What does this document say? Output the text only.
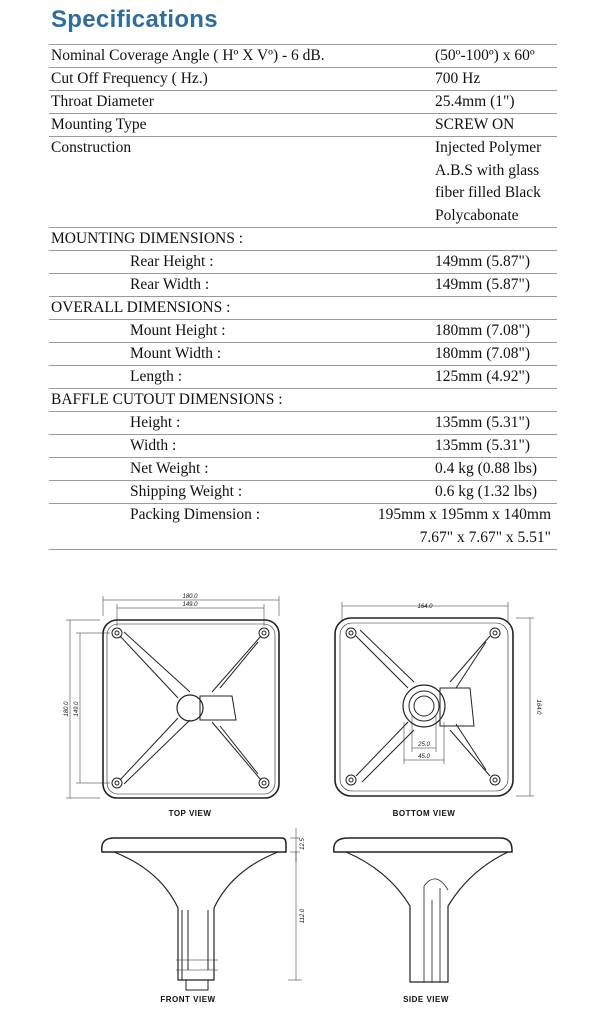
Specifications
Nominal Coverage Angle ( Hº X Vº) - 6 dB.	(50º-100º) x 60º
Cut Off Frequency ( Hz.)	700 Hz
Throat Diameter	25.4mm (1")
Mounting Type	SCREW ON
Construction	Injected Polymer
A.B.S with glass
fiber filled Black
Polycabonate
MOUNTING DIMENSIONS :
Rear Height :	149mm (5.87")
Rear Width :	149mm (5.87")
OVERALL DIMENSIONS :
Mount Height :	180mm (7.08")
Mount Width :	180mm (7.08")
Length :	125mm (4.92")
BAFFLE CUTOUT DIMENSIONS :
Height :	135mm (5.31")
Width :	135mm (5.31")
Net Weight :	0.4 kg (0.88 lbs)
Shipping Weight :	0.6 kg (1.32 lbs)
Packing Dimension :	195mm x 195mm x 140mm
7.67" x 7.67" x 5.51"
TOP VIEW	BOTTOM VIEW
FRONT VIEW	SIDE VIEW
180.0
149.0
180.0 149.0
164.0
164.0
25.0
45.0
12.5
112.0
